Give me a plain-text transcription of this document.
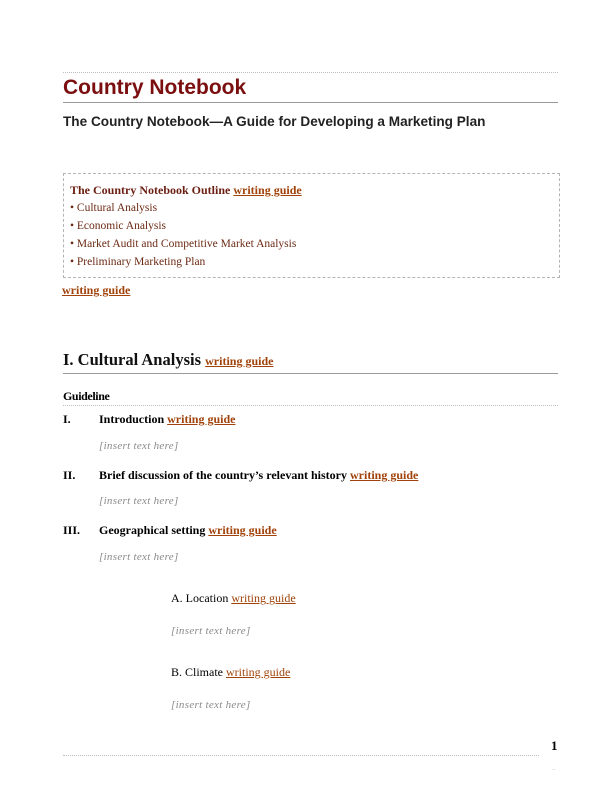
Country Notebook
The Country Notebook—A Guide for Developing a Marketing Plan
The Country Notebook Outline writing guide
• Cultural Analysis
• Economic Analysis
• Market Audit and Competitive Market Analysis
• Preliminary Marketing Plan
writing guide
I. Cultural Analysis writing guide
Guideline
I. Introduction writing guide
[insert text here]
II. Brief discussion of the country’s relevant history writing guide
[insert text here]
III. Geographical setting writing guide
[insert text here]
A. Location writing guide
[insert text here]
B. Climate writing guide
[insert text here]
1
..
